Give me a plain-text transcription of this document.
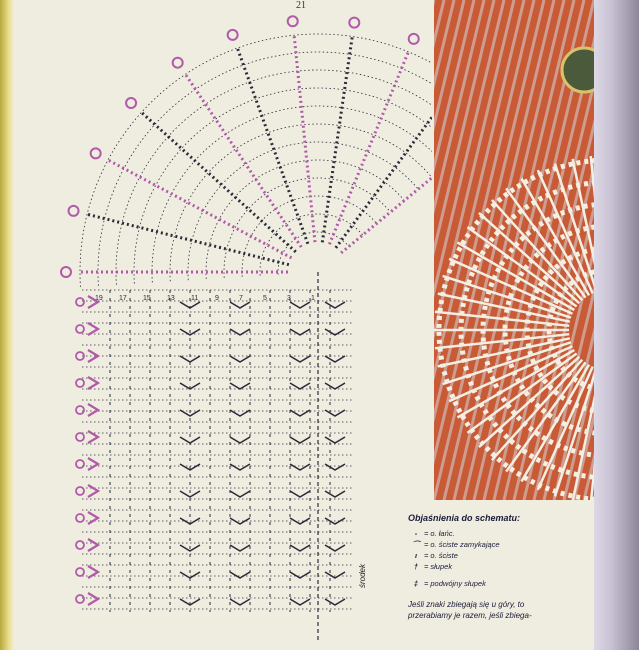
19 17 15 13 11 9	7	5	3	1
21
środek
Objaśnienia do schematu:
- = o. łańc.
⌒ = o. ściste zamykające
ı = o. ściste
† = słupek
‡ = podwójny słupek
Jeśli znaki zbiegają się u góry, to
przerabiamy je razem, jeśli zbiega-
